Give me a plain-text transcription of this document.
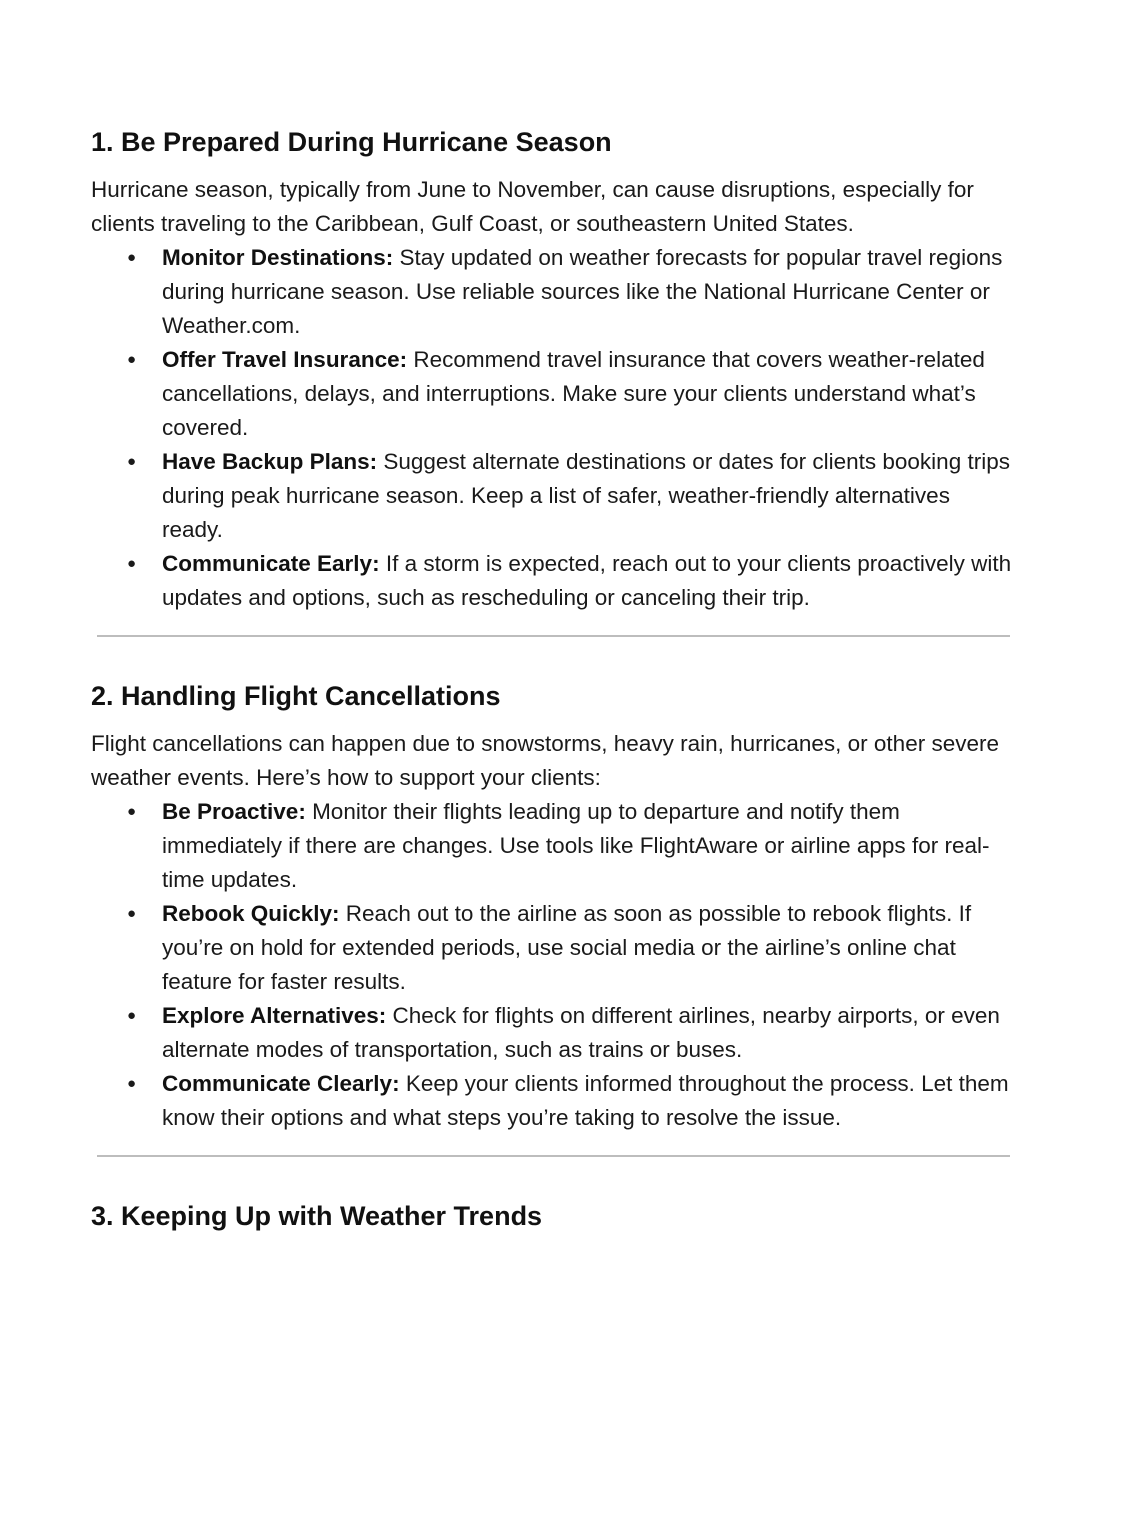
1. Be Prepared During Hurricane Season

Hurricane season, typically from June to November, can cause disruptions, especially for clients traveling to the Caribbean, Gulf Coast, or southeastern United States.

● Monitor Destinations: Stay updated on weather forecasts for popular travel regions during hurricane season. Use reliable sources like the National Hurricane Center or Weather.com.
● Offer Travel Insurance: Recommend travel insurance that covers weather-related cancellations, delays, and interruptions. Make sure your clients understand what’s covered.
● Have Backup Plans: Suggest alternate destinations or dates for clients booking trips during peak hurricane season. Keep a list of safer, weather-friendly alternatives ready.
● Communicate Early: If a storm is expected, reach out to your clients proactively with updates and options, such as rescheduling or canceling their trip.
2. Handling Flight Cancellations

Flight cancellations can happen due to snowstorms, heavy rain, hurricanes, or other severe weather events. Here’s how to support your clients:

● Be Proactive: Monitor their flights leading up to departure and notify them immediately if there are changes. Use tools like FlightAware or airline apps for real-time updates.
● Rebook Quickly: Reach out to the airline as soon as possible to rebook flights. If you’re on hold for extended periods, use social media or the airline’s online chat feature for faster results.
● Explore Alternatives: Check for flights on different airlines, nearby airports, or even alternate modes of transportation, such as trains or buses.
● Communicate Clearly: Keep your clients informed throughout the process. Let them know their options and what steps you’re taking to resolve the issue.
3. Keeping Up with Weather Trends
